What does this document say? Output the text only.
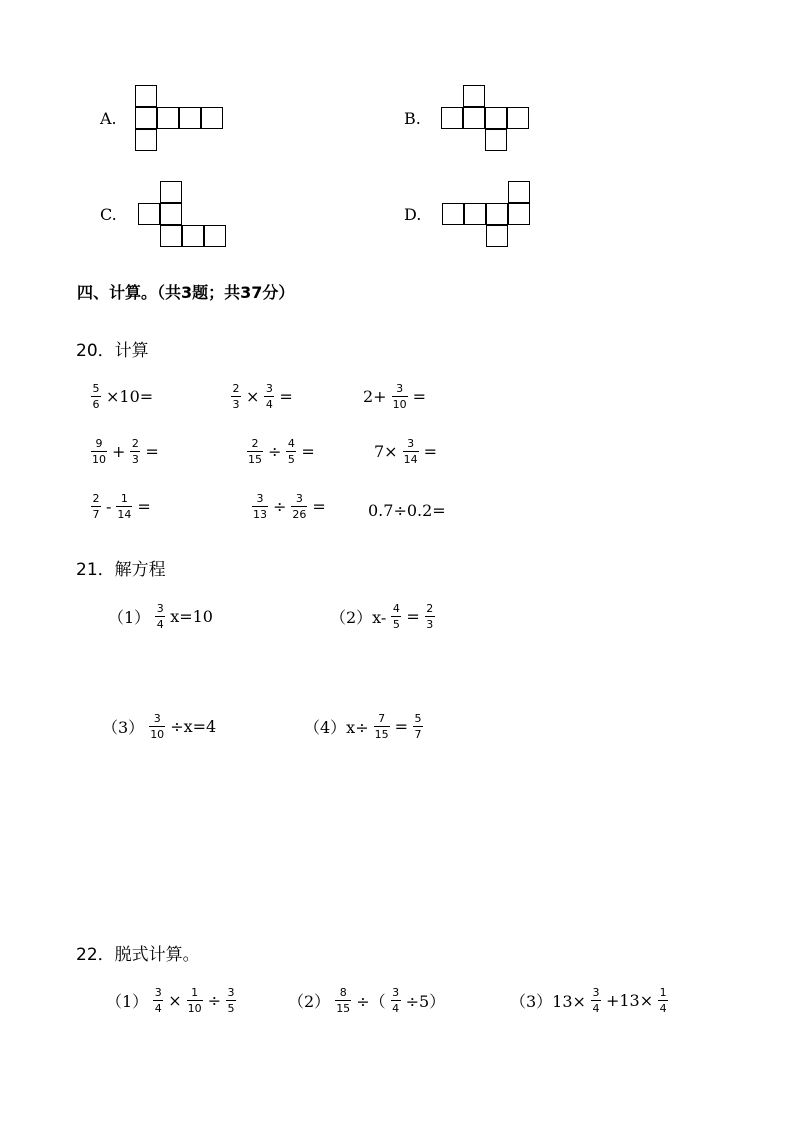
A.	B.
C.	D.
四、计算。（共3题；共37分）
20．计算
$\frac{5}{6} \times 10=$	$\frac{2}{3} \times \frac{3}{4}$ =	$2+ \frac{3}{10}$ =
$\frac{9}{10} + \frac{2}{3}$ =	$\frac{2}{15} \div \frac{4}{5}$ =	$7\times \frac{3}{14}$ =
$\frac{2}{7} - \frac{1}{14}$ =	$\frac{3}{13} \div \frac{3}{26}$ =	0.7÷0.2=
21．解方程
$(1) \frac{3}{4} x=10$	$(2)x- \frac{4}{5} = \frac{2}{3}$
$(3) \frac{3}{10} \div x=4$	$(4)x\div \frac{7}{15} = \frac{5}{7}$
22．脱式计算。
$(1) \frac{3}{4} \times \frac{1}{10} \div \frac{3}{5}$	$(2) \frac{8}{15}$ ÷（ $\frac{3}{4} \div 5$）	$(3)13\times \frac{3}{4} +13\times \frac{1}{4}$
